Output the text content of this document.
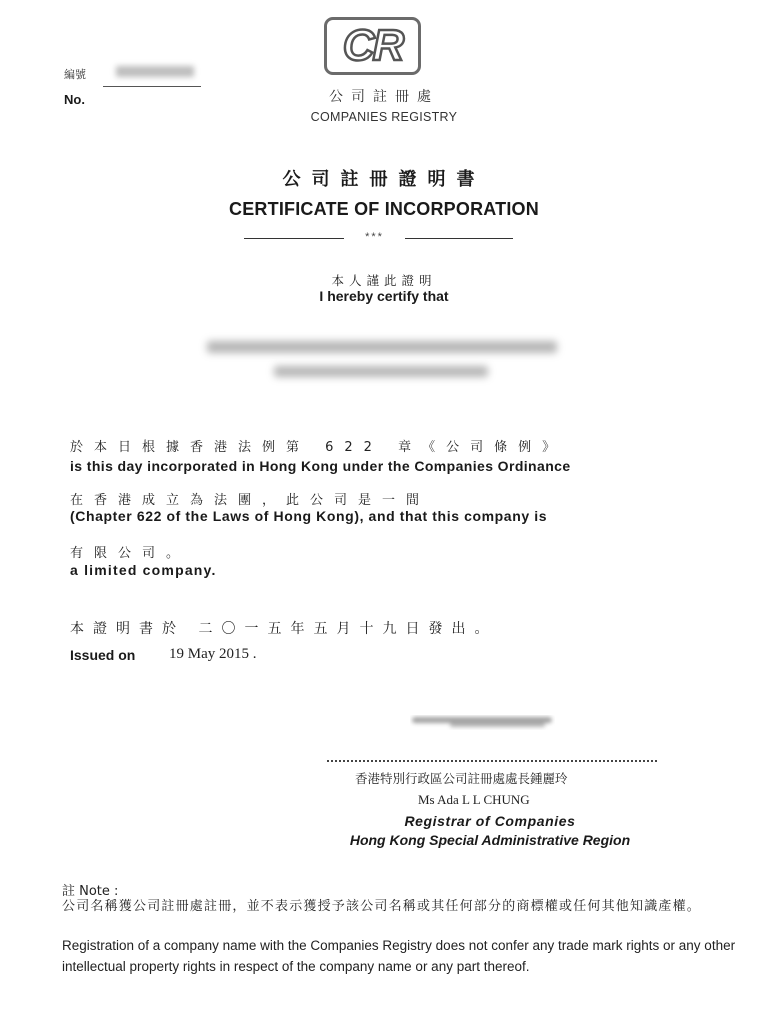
CR
公司註冊處
COMPANIES REGISTRY
編號
No.
公司註冊證明書
CERTIFICATE OF INCORPORATION
***
本人謹此證明
I hereby certify that
於本日根據香港法例第 622 章《公司條例》
is this day incorporated in Hong Kong under the Companies Ordinance
在香港成立為法團，此公司是一間
(Chapter 622 of the Laws of Hong Kong), and that this company is
有限公司。
a limited company.
本證明書於 二〇一五年五月十九日發出。
Issued on 19 May 2015 .
香港特別行政區公司註冊處處長鍾麗玲
Ms Ada L L CHUNG
Registrar of Companies
Hong Kong Special Administrative Region
註 Note :
公司名稱獲公司註冊處註冊，並不表示獲授予該公司名稱或其任何部分的商標權或任何其他知識產權。
Registration of a company name with the Companies Registry does not confer any trade mark rights or any other intellectual property rights in respect of the company name or any part thereof.
